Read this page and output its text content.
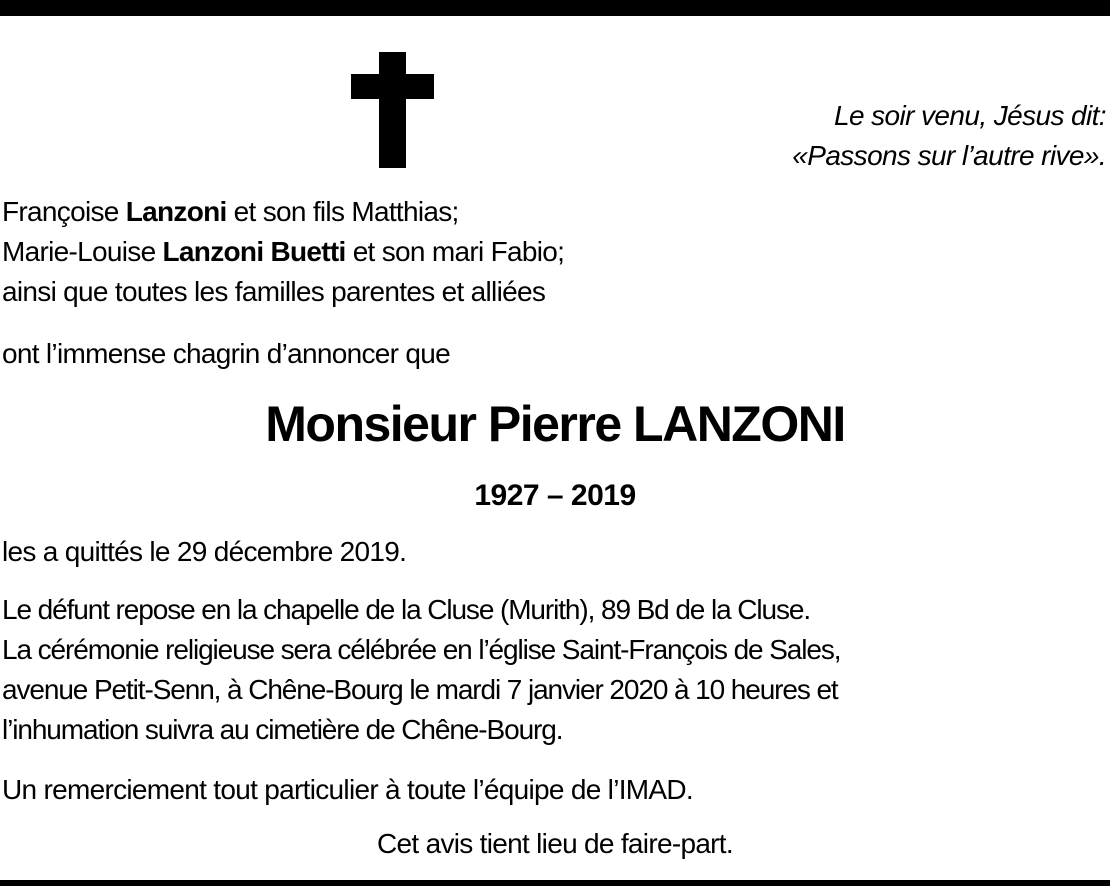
Le soir venu, Jésus dit:
«Passons sur l’autre rive».
Françoise Lanzoni et son fils Matthias;
Marie-Louise Lanzoni Buetti et son mari Fabio;
ainsi que toutes les familles parentes et alliées
ont l’immense chagrin d’annoncer que
Monsieur Pierre LANZONI
1927 – 2019
les a quittés le 29 décembre 2019.
Le défunt repose en la chapelle de la Cluse (Murith), 89 Bd de la Cluse.
La cérémonie religieuse sera célébrée en l’église Saint-François de Sales,
avenue Petit-Senn, à Chêne-Bourg le mardi 7 janvier 2020 à 10 heures et
l’inhumation suivra au cimetière de Chêne-Bourg.
Un remerciement tout particulier à toute l’équipe de l’IMAD.
Cet avis tient lieu de faire-part.
